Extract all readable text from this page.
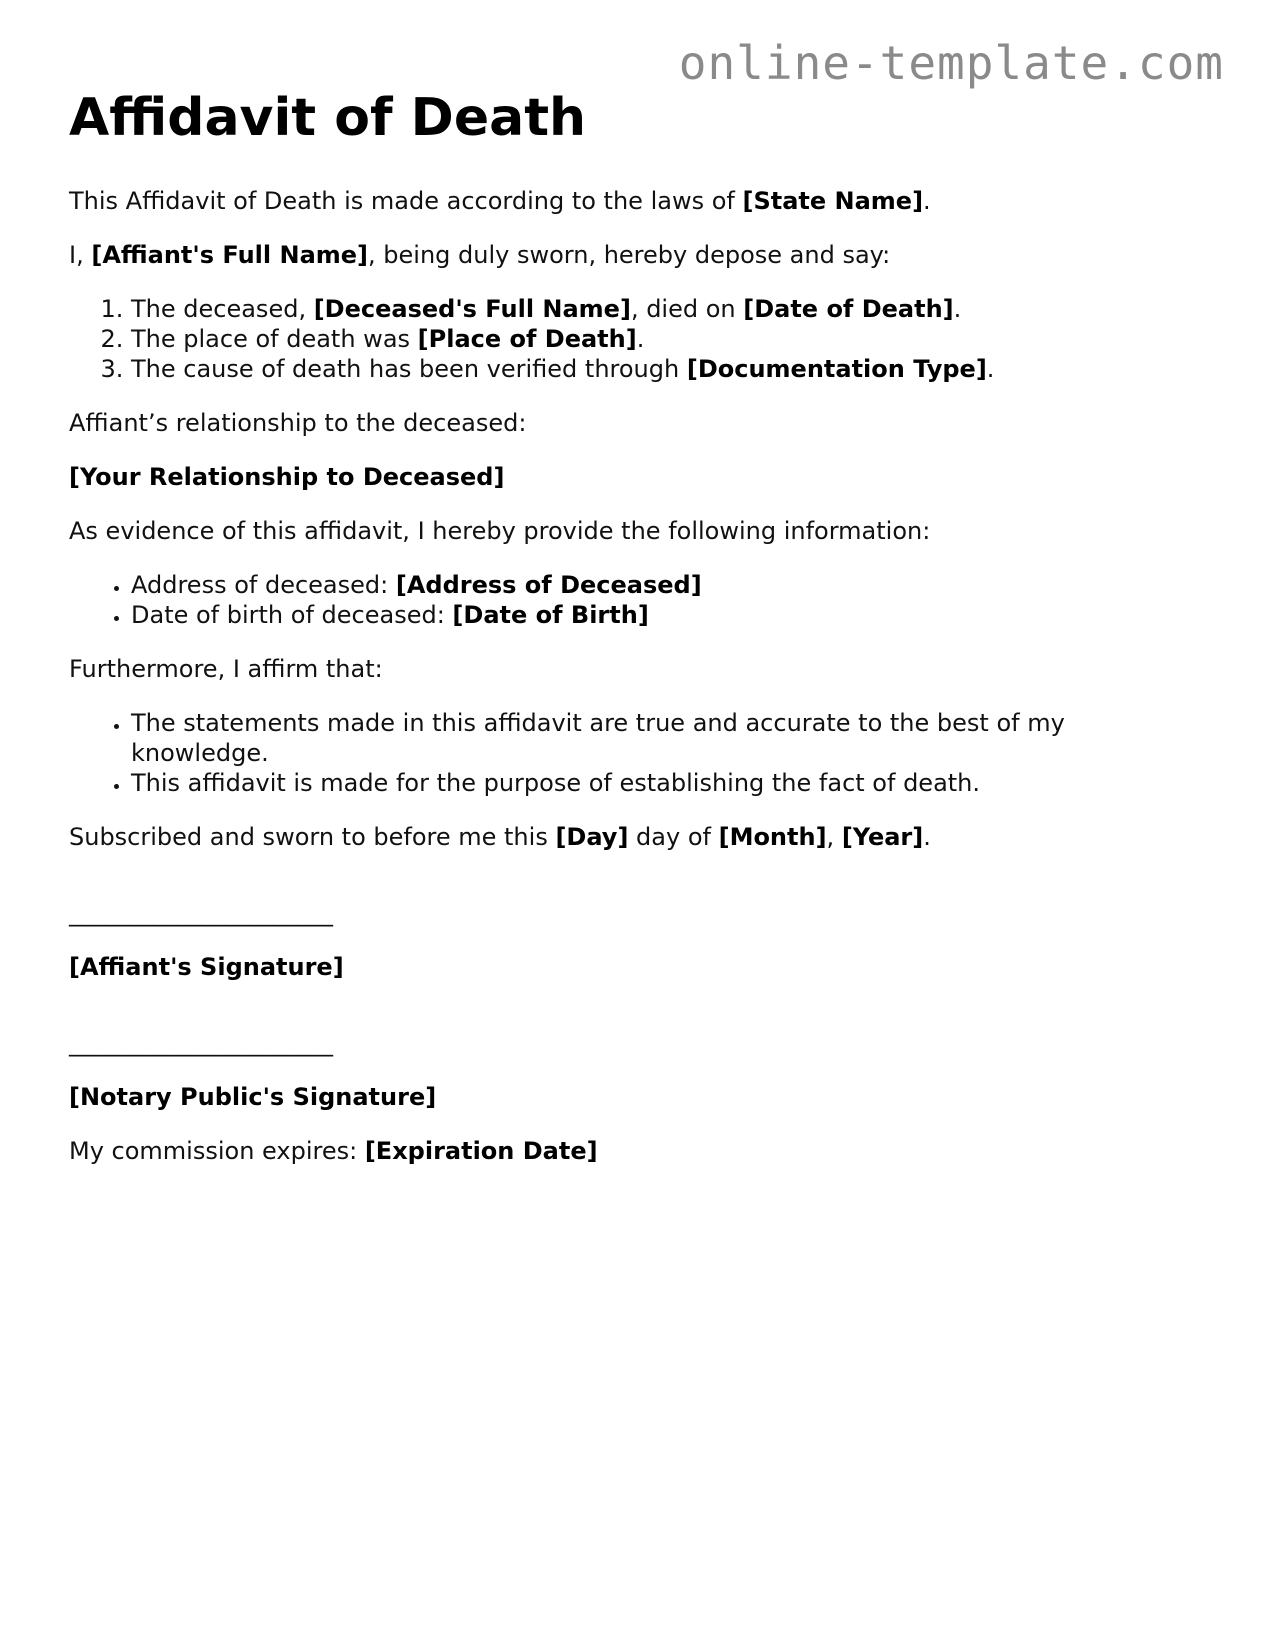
online-template.com
Affidavit of Death

This Affidavit of Death is made according to the laws of [State Name].

I, [Affiant's Full Name], being duly sworn, hereby depose and say:

1. The deceased, [Deceased's Full Name], died on [Date of Death].
2. The place of death was [Place of Death].
3. The cause of death has been verified through [Documentation Type].

Affiant’s relationship to the deceased:

[Your Relationship to Deceased]

As evidence of this affidavit, I hereby provide the following information:

• Address of deceased: [Address of Deceased]
• Date of birth of deceased: [Date of Birth]

Furthermore, I affirm that:

• The statements made in this affidavit are true and accurate to the best of my knowledge.
• This affidavit is made for the purpose of establishing the fact of death.

Subscribed and sworn to before me this [Day] day of [Month], [Year].

______________________

[Affiant's Signature]

______________________

[Notary Public's Signature]

My commission expires: [Expiration Date]
